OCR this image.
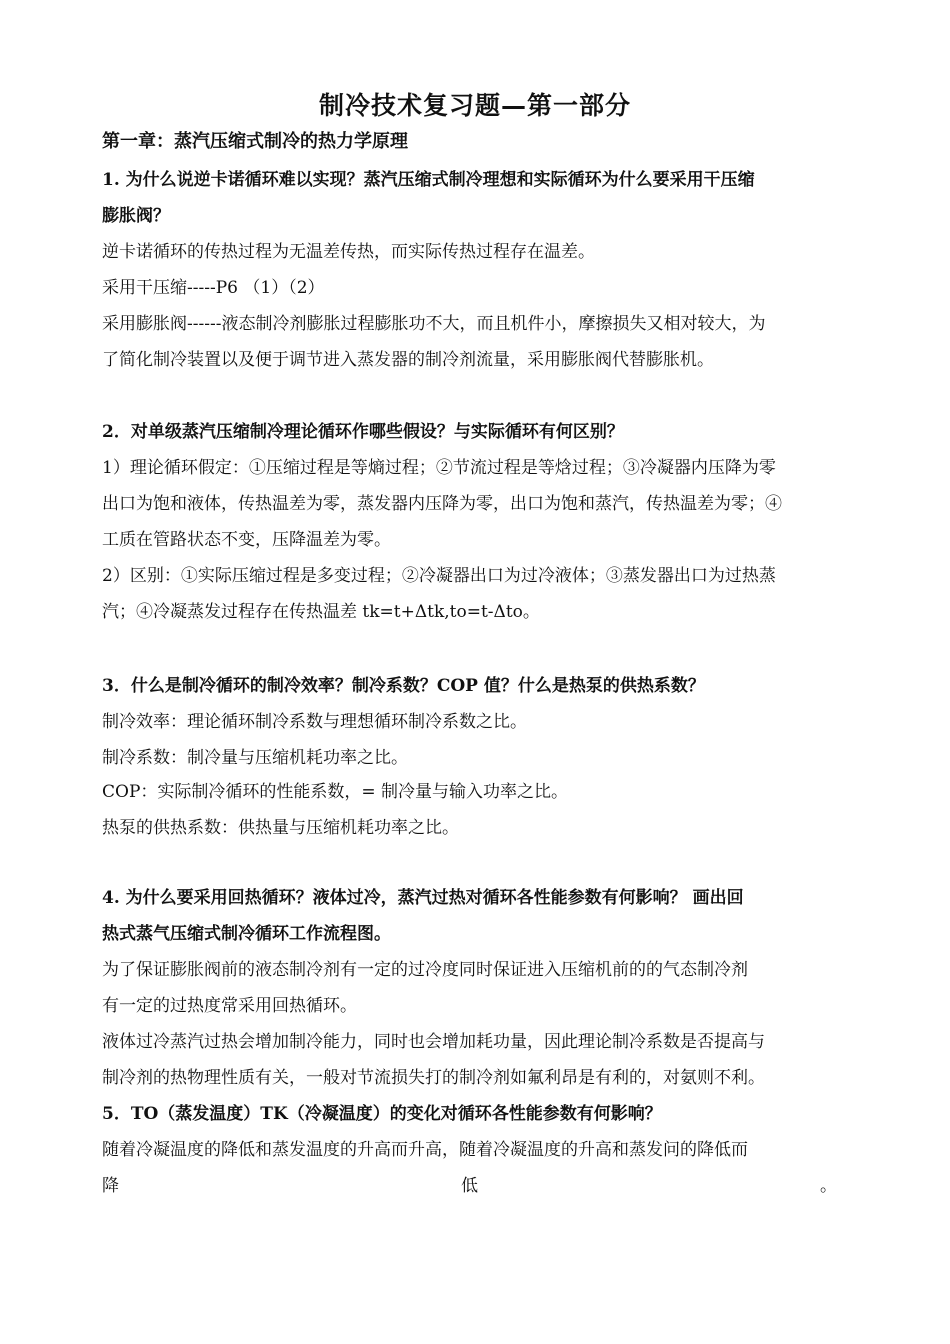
制冷技术复习题—第一部分
第一章：蒸汽压缩式制冷的热力学原理
1. 为什么说逆卡诺循环难以实现？蒸汽压缩式制冷理想和实际循环为什么要采用干压缩
膨胀阀？
逆卡诺循环的传热过程为无温差传热，而实际传热过程存在温差。
采用干压缩-----P6 （1）（2）
采用膨胀阀------液态制冷剂膨胀过程膨胀功不大，而且机件小，摩擦损失又相对较大，为
了简化制冷装置以及便于调节进入蒸发器的制冷剂流量，采用膨胀阀代替膨胀机。
2．对单级蒸汽压缩制冷理论循环作哪些假设？与实际循环有何区别？
1）理论循环假定：①压缩过程是等熵过程；②节流过程是等焓过程；③冷凝器内压降为零
出口为饱和液体，传热温差为零，蒸发器内压降为零，出口为饱和蒸汽，传热温差为零；④
工质在管路状态不变，压降温差为零。
2）区别：①实际压缩过程是多变过程；②冷凝器出口为过冷液体；③蒸发器出口为过热蒸
汽；④冷凝蒸发过程存在传热温差 tk=t+Δtk,to=t-Δto。
3．什么是制冷循环的制冷效率？制冷系数？COP 值？什么是热泵的供热系数？
制冷效率：理论循环制冷系数与理想循环制冷系数之比。
制冷系数：制冷量与压缩机耗功率之比。
COP：实际制冷循环的性能系数，= 制冷量与输入功率之比。
热泵的供热系数：供热量与压缩机耗功率之比。
4. 为什么要采用回热循环？液体过冷，蒸汽过热对循环各性能参数有何影响？ 画出回
热式蒸气压缩式制冷循环工作流程图。
为了保证膨胀阀前的液态制冷剂有一定的过冷度同时保证进入压缩机前的的气态制冷剂
有一定的过热度常采用回热循环。
液体过冷蒸汽过热会增加制冷能力，同时也会增加耗功量，因此理论制冷系数是否提高与
制冷剂的热物理性质有关，一般对节流损失打的制冷剂如氟利昂是有利的，对氨则不利。
5．TO（蒸发温度）TK（冷凝温度）的变化对循环各性能参数有何影响？
随着冷凝温度的降低和蒸发温度的升高而升高，随着冷凝温度的升高和蒸发问的降低而
降	低	。
